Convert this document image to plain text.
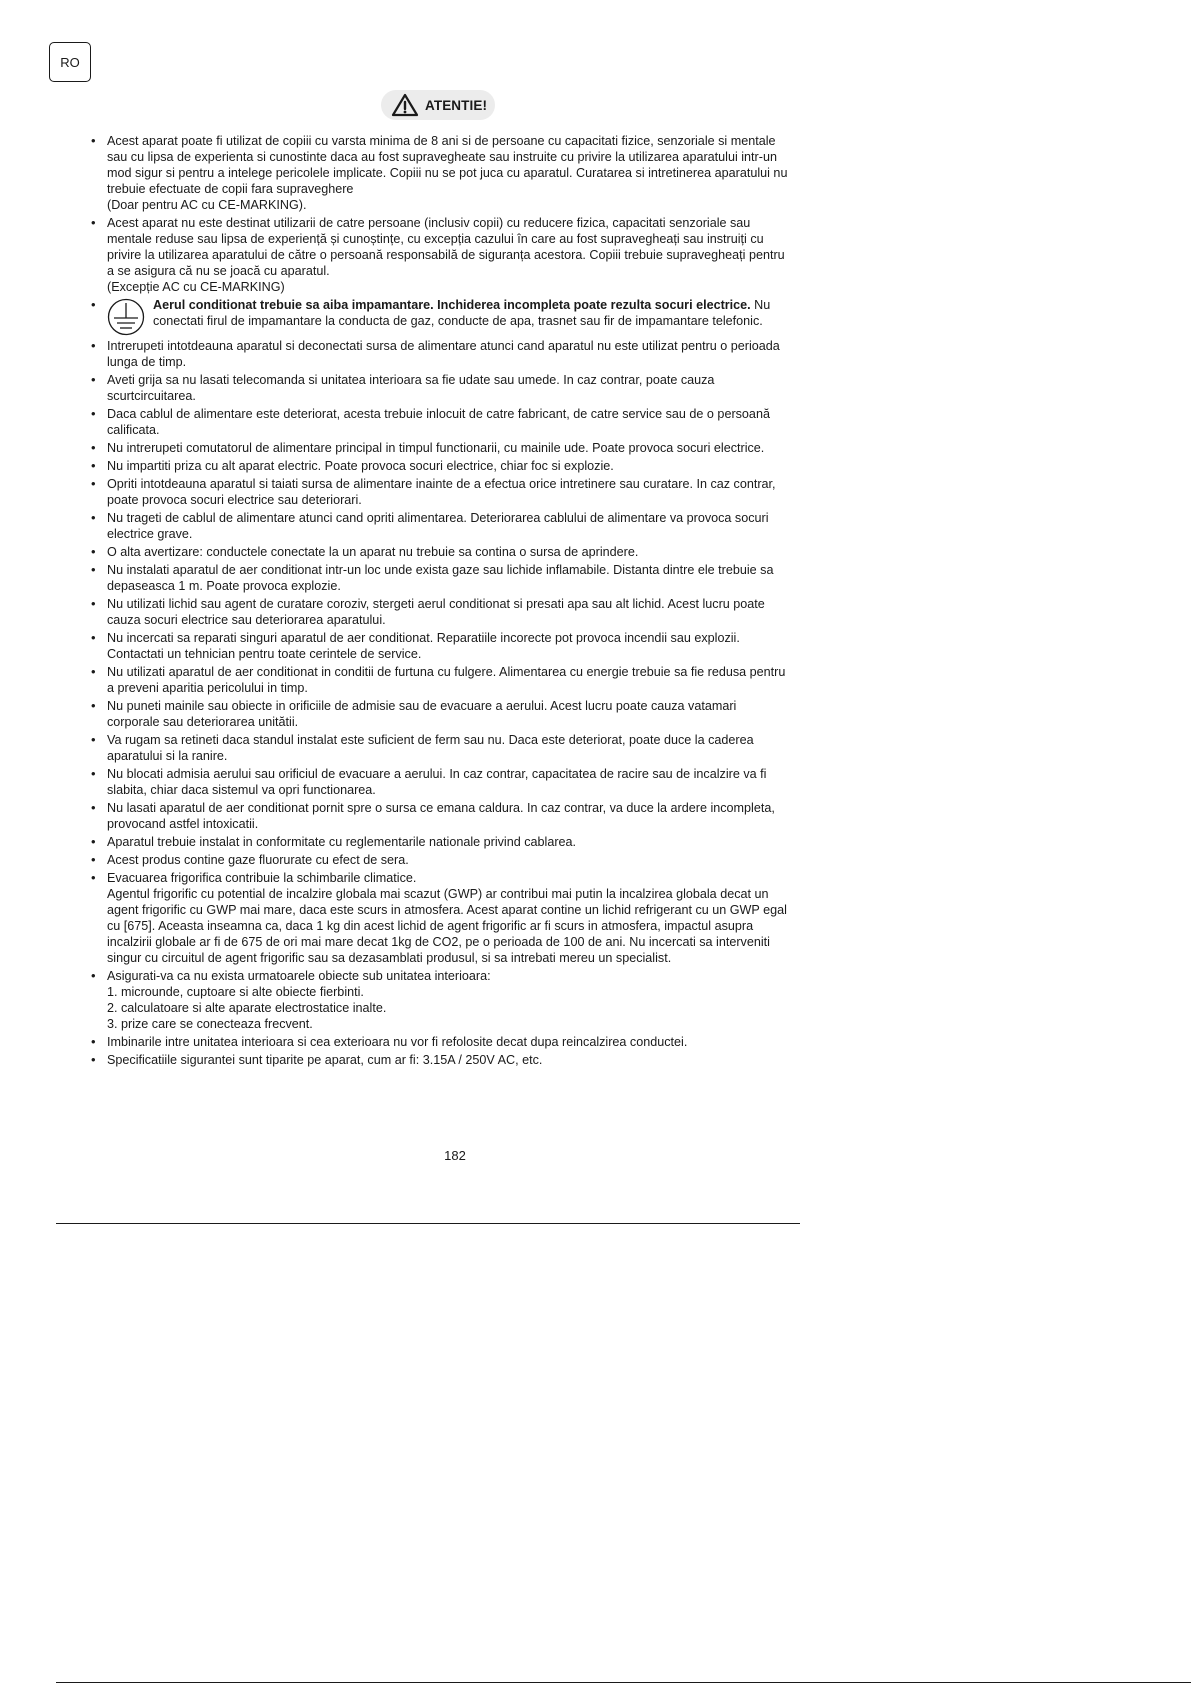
RO
ATENTIE!
• Acest aparat poate fi utilizat de copiii cu varsta minima de 8 ani si de persoane cu capacitati fizice, senzoriale si mentale sau cu lipsa de experienta si cunostinte daca au fost supravegheate sau instruite cu privire la utilizarea aparatului intr-un mod sigur si pentru a intelege pericolele implicate. Copiii nu se pot juca cu aparatul. Curatarea si intretinerea aparatului nu trebuie efectuate de copii fara supraveghere
(Doar pentru AC cu CE-MARKING).
• Acest aparat nu este destinat utilizarii de catre persoane (inclusiv copii) cu reducere fizica, capacitati senzoriale sau mentale reduse sau lipsa de experiență și cunoștințe, cu excepția cazului în care au fost supravegheați sau instruiți cu privire la utilizarea aparatului de către o persoană responsabilă de siguranța acestora. Copiii trebuie supravegheați pentru a se asigura că nu se joacă cu aparatul.
(Excepție AC cu CE-MARKING)
• Aerul conditionat trebuie sa aiba impamantare. Inchiderea incompleta poate rezulta socuri electrice. Nu conectati firul de impamantare la conducta de gaz, conducte de apa, trasnet sau fir de impamantare telefonic.
• Intrerupeti intotdeauna aparatul si deconectati sursa de alimentare atunci cand aparatul nu este utilizat pentru o perioada lunga de timp.
• Aveti grija sa nu lasati telecomanda si unitatea interioara sa fie udate sau umede. In caz contrar, poate cauza scurtcircuitarea.
• Daca cablul de alimentare este deteriorat, acesta trebuie inlocuit de catre fabricant, de catre service sau de o persoană calificata.
• Nu intrerupeti comutatorul de alimentare principal in timpul functionarii, cu mainile ude. Poate provoca socuri electrice.
• Nu impartiti priza cu alt aparat electric. Poate provoca socuri electrice, chiar foc si explozie.
• Opriti intotdeauna aparatul si taiati sursa de alimentare inainte de a efectua orice intretinere sau curatare. In caz contrar, poate provoca socuri electrice sau deteriorari.
• Nu trageti de cablul de alimentare atunci cand opriti alimentarea. Deteriorarea cablului de alimentare va provoca socuri electrice grave.
• O alta avertizare: conductele conectate la un aparat nu trebuie sa contina o sursa de aprindere.
• Nu instalati aparatul de aer conditionat intr-un loc unde exista gaze sau lichide inflamabile. Distanta dintre ele trebuie sa depaseasca 1 m. Poate provoca explozie.
• Nu utilizati lichid sau agent de curatare coroziv, stergeti aerul conditionat si presati apa sau alt lichid. Acest lucru poate cauza socuri electrice sau deteriorarea aparatului.
• Nu incercati sa reparati singuri aparatul de aer conditionat. Reparatiile incorecte pot provoca incendii sau explozii. Contactati un tehnician pentru toate cerintele de service.
• Nu utilizati aparatul de aer conditionat in conditii de furtuna cu fulgere. Alimentarea cu energie trebuie sa fie redusa pentru a preveni aparitia pericolului in timp.
• Nu puneti mainile sau obiecte in orificiile de admisie sau de evacuare a aerului. Acest lucru poate cauza vatamari corporale sau deteriorarea unitătii.
• Va rugam sa retineti daca standul instalat este suficient de ferm sau nu. Daca este deteriorat, poate duce la caderea aparatului si la ranire.
• Nu blocati admisia aerului sau orificiul de evacuare a aerului. In caz contrar, capacitatea de racire sau de incalzire va fi slabita, chiar daca sistemul va opri functionarea.
• Nu lasati aparatul de aer conditionat pornit spre o sursa ce emana caldura. In caz contrar, va duce la ardere incompleta, provocand astfel intoxicatii.
• Aparatul trebuie instalat in conformitate cu reglementarile nationale privind cablarea.
• Acest produs contine gaze fluorurate cu efect de sera.
• Evacuarea frigorifica contribuie la schimbarile climatice.
Agentul frigorific cu potential de incalzire globala mai scazut (GWP) ar contribui mai putin la incalzirea globala decat un agent frigorific cu GWP mai mare, daca este scurs in atmosfera. Acest aparat contine un lichid refrigerant cu un GWP egal cu [675]. Aceasta inseamna ca, daca 1 kg din acest lichid de agent frigorific ar fi scurs in atmosfera, impactul asupra incalzirii globale ar fi de 675 de ori mai mare decat 1kg de CO2, pe o perioada de 100 de ani. Nu incercati sa interveniti singur cu circuitul de agent frigorific sau sa dezasamblati produsul, si sa intrebati mereu un specialist.
• Asigurati-va ca nu exista urmatoarele obiecte sub unitatea interioara:
1. microunde, cuptoare si alte obiecte fierbinti.
2. calculatoare si alte aparate electrostatice inalte.
3. prize care se conecteaza frecvent.
• Imbinarile intre unitatea interioara si cea exterioara nu vor fi refolosite decat dupa reincalzirea conductei.
• Specificatiile sigurantei sunt tiparite pe aparat, cum ar fi: 3.15A / 250V AC, etc.
182
